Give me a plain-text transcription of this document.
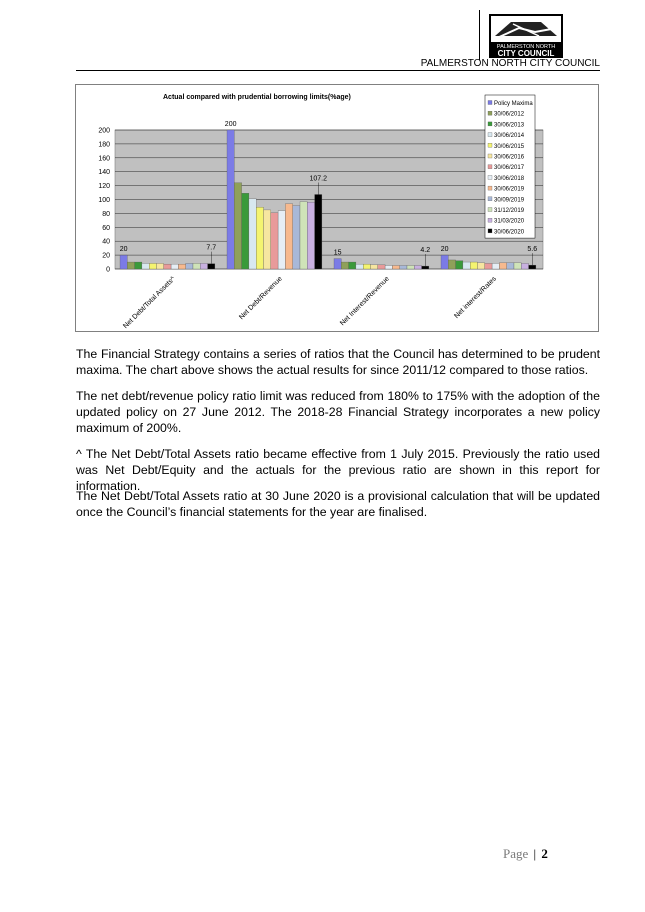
PALMERSTON NORTH
CITY COUNCIL
PALMERSTON NORTH CITY COUNCIL
Actual compared with prudential borrowing limits(%age)
0
20
40
60
80
100
120
140
160
180
200
Net Debt/Total Assets^	Net Debt/Revenue	Net Interest/Revenue	Net interest/Rates
20	7.7
200
107.2
15	4.2 20	5.6
Policy Maxima
30/06/2012
30/06/2013
30/06/2014
30/06/2015
30/06/2016
30/06/2017
30/06/2018
30/06/2019
30/09/2019
31/12/2019
31/03/2020
30/06/2020

The Financial Strategy contains a series of ratios that the Council has determined to be prudent maxima. The chart above shows the actual results for since 2011/12 compared to those ratios.

The net debt/revenue policy ratio limit was reduced from 180% to 175% with the adoption of the updated policy on 27 June 2012. The 2018-28 Financial Strategy incorporates a new policy maximum of 200%.

^ The Net Debt/Total Assets ratio became effective from 1 July 2015. Previously the ratio used was Net Debt/Equity and the actuals for the previous ratio are shown in this report for information.

The Net Debt/Total Assets ratio at 30 June 2020 is a provisional calculation that will be updated once the Council’s financial statements for the year are finalised.

Page | 2
